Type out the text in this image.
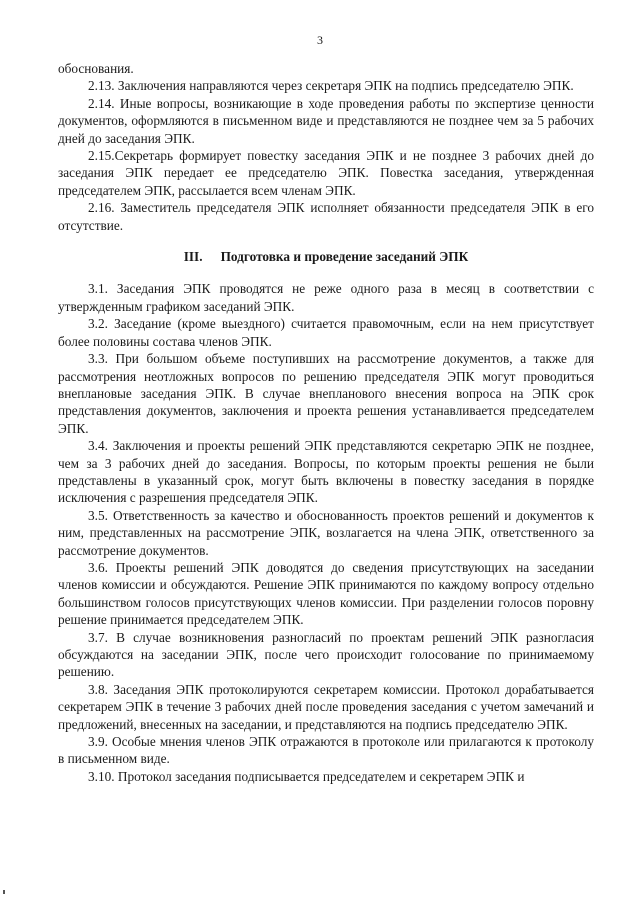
3

обоснования.

2.13. Заключения направляются через секретаря ЭПК на подпись председателю ЭПК.

2.14. Иные вопросы, возникающие в ходе проведения работы по экспертизе ценности документов, оформляются в письменном виде и представляются не позднее чем за 5 рабочих дней до заседания ЭПК.

2.15.Секретарь формирует повестку заседания ЭПК и не позднее 3 рабочих дней до заседания ЭПК передает ее председателю ЭПК. Повестка заседания, утвержденная председателем ЭПК, рассылается всем членам ЭПК.

2.16. Заместитель председателя ЭПК исполняет обязанности председателя ЭПК в его отсутствие.

III. Подготовка и проведение заседаний ЭПК

3.1. Заседания ЭПК проводятся не реже одного раза в месяц в соответствии с утвержденным графиком заседаний ЭПК.

3.2. Заседание (кроме выездного) считается правомочным, если на нем присутствует более половины состава членов ЭПК.

3.3. При большом объеме поступивших на рассмотрение документов, а также для рассмотрения неотложных вопросов по решению председателя ЭПК могут проводиться внеплановые заседания ЭПК. В случае внепланового внесения вопроса на ЭПК срок представления документов, заключения и проекта решения устанавливается председателем ЭПК.

3.4. Заключения и проекты решений ЭПК представляются секретарю ЭПК не позднее, чем за 3 рабочих дней до заседания. Вопросы, по которым проекты решения не были представлены в указанный срок, могут быть включены в повестку заседания в порядке исключения с разрешения председателя ЭПК.

3.5. Ответственность за качество и обоснованность проектов решений и документов к ним, представленных на рассмотрение ЭПК, возлагается на члена ЭПК, ответственного за рассмотрение документов.

3.6. Проекты решений ЭПК доводятся до сведения присутствующих на заседании членов комиссии и обсуждаются. Решение ЭПК принимаются по каждому вопросу отдельно большинством голосов присутствующих членов комиссии. При разделении голосов поровну решение принимается председателем ЭПК.

3.7. В случае возникновения разногласий по проектам решений ЭПК разногласия обсуждаются на заседании ЭПК, после чего происходит голосование по принимаемому решению.

3.8. Заседания ЭПК протоколируются секретарем комиссии. Протокол дорабатывается секретарем ЭПК в течение 3 рабочих дней после проведения заседания с учетом замечаний и предложений, внесенных на заседании, и представляются на подпись председателю ЭПК.

3.9. Особые мнения членов ЭПК отражаются в протоколе или прилагаются к протоколу в письменном виде.

3.10. Протокол заседания подписывается председателем и секретарем ЭПК и
